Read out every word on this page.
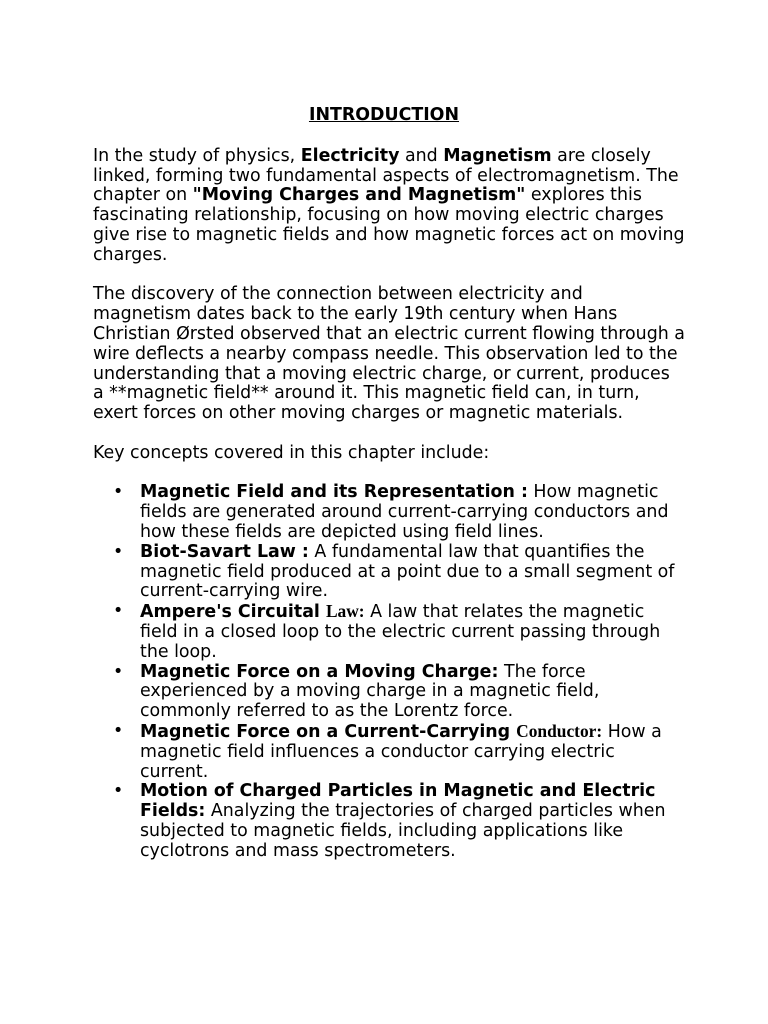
INTRODUCTION

In the study of physics, Electricity and Magnetism are closely linked, forming two fundamental aspects of electromagnetism. The chapter on "Moving Charges and Magnetism" explores this fascinating relationship, focusing on how moving electric charges give rise to magnetic fields and how magnetic forces act on moving charges.

The discovery of the connection between electricity and magnetism dates back to the early 19th century when Hans Christian Ørsted observed that an electric current flowing through a wire deflects a nearby compass needle. This observation led to the understanding that a moving electric charge, or current, produces a **magnetic field** around it. This magnetic field can, in turn, exert forces on other moving charges or magnetic materials.

Key concepts covered in this chapter include:

• Magnetic Field and its Representation : How magnetic fields are generated around current-carrying conductors and how these fields are depicted using field lines.
• Biot-Savart Law : A fundamental law that quantifies the magnetic field produced at a point due to a small segment of current-carrying wire.
• Ampere's Circuital Law: A law that relates the magnetic field in a closed loop to the electric current passing through the loop.
• Magnetic Force on a Moving Charge: The force experienced by a moving charge in a magnetic field, commonly referred to as the Lorentz force.
• Magnetic Force on a Current-Carrying Conductor: How a magnetic field influences a conductor carrying electric current.
• Motion of Charged Particles in Magnetic and Electric Fields: Analyzing the trajectories of charged particles when subjected to magnetic fields, including applications like cyclotrons and mass spectrometers.
